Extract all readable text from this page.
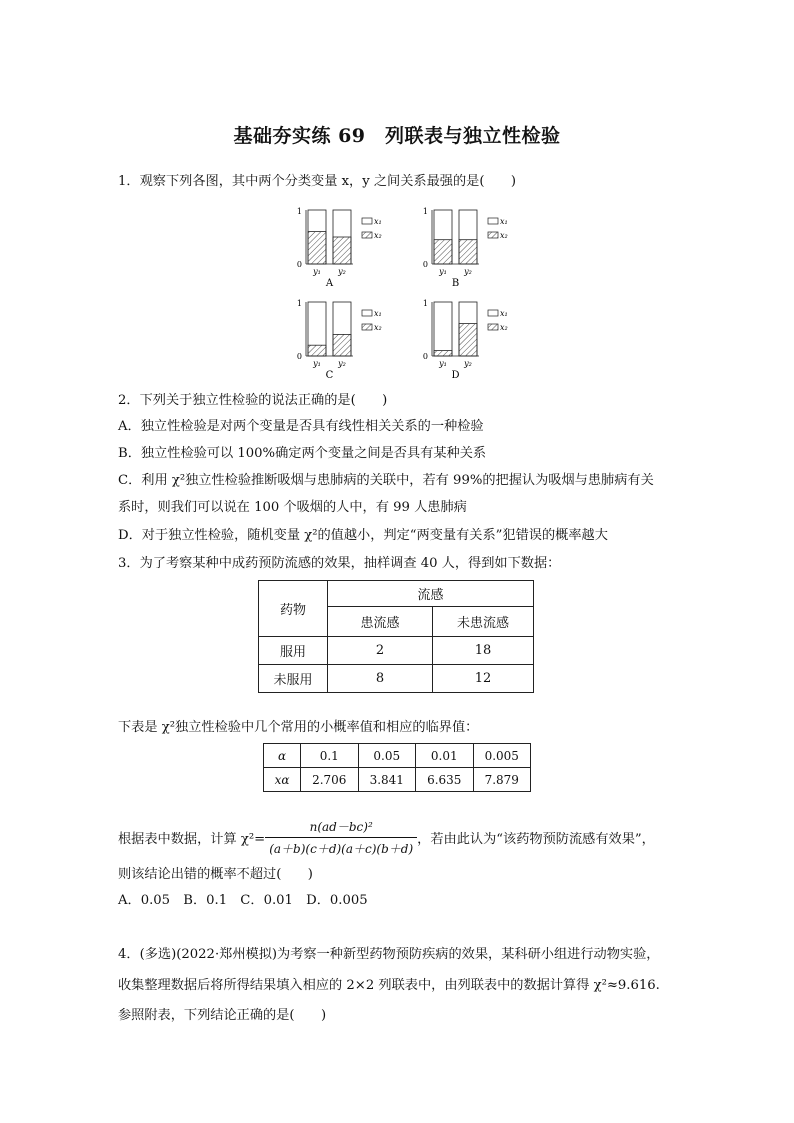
基础夯实练 69　列联表与独立性检验
1．观察下列各图，其中两个分类变量 x，y 之间关系最强的是(　　)
1
0
y₁ y₂
x₁
x₂
A
1
0
y₁ y₂
x₁
x₂
B
1
0
y₁ y₂
x₁
x₂
C
1
0
y₁ y₂
x₁
x₂
D
2．下列关于独立性检验的说法正确的是(　　)
A．独立性检验是对两个变量是否具有线性相关关系的一种检验
B．独立性检验可以 100%确定两个变量之间是否具有某种关系
C．利用 χ²独立性检验推断吸烟与患肺病的关联中，若有 99%的把握认为吸烟与患肺病有关
系时，则我们可以说在 100 个吸烟的人中，有 99 人患肺病
D．对于独立性检验，随机变量 χ²的值越小，判定“两变量有关系”犯错误的概率越大
3．为了考察某种中成药预防流感的效果，抽样调查 40 人，得到如下数据：
药物	流感	
	患流感	未患流感
服用	2	18
未服用	8	12
下表是 χ²独立性检验中几个常用的小概率值和相应的临界值：
α	0.1	0.05	0.01	0.005
xα	2.706	3.841	6.635	7.879
根据表中数据，计算 $\chi^2= \frac{\text{n(ad－bc)²}}{(a+b)(c+d)(a+c)(b+d)}$ ，若由此认为“该药物预防流感有效果”，
则该结论出错的概率不超过(　　)
A．0.05　B．0.1　C．0.01　D．0.005
4．(多选)(2022·郑州模拟)为考察一种新型药物预防疾病的效果，某科研小组进行动物实验，
收集整理数据后将所得结果填入相应的 2×2 列联表中，由列联表中的数据计算得 χ²≈9.616.
参照附表，下列结论正确的是(　　)
